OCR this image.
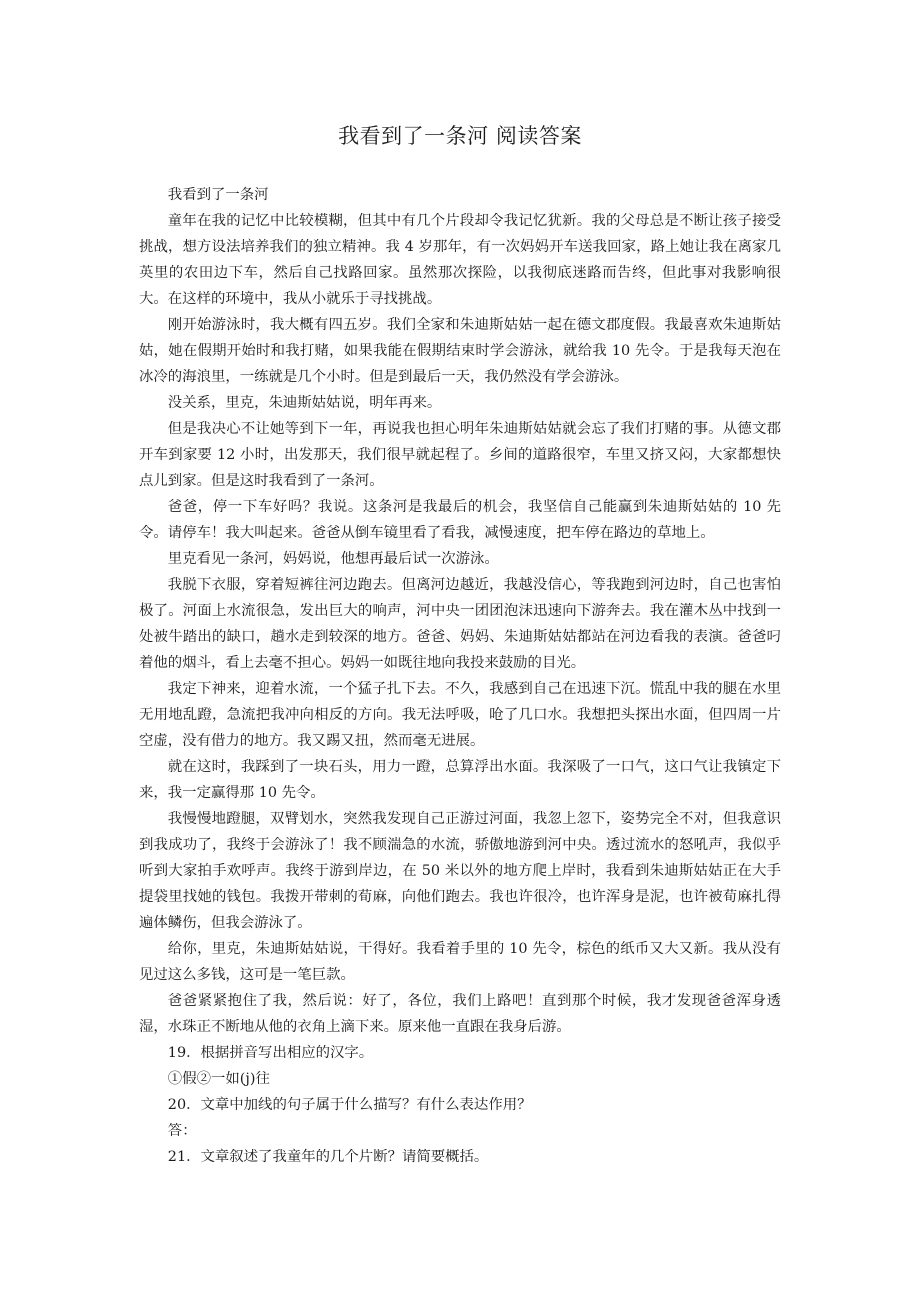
我看到了一条河 阅读答案

我看到了一条河

童年在我的记忆中比较模糊，但其中有几个片段却令我记忆犹新。我的父母总是不断让孩子接受挑战，想方设法培养我们的独立精神。我 4 岁那年，有一次妈妈开车送我回家，路上她让我在离家几英里的农田边下车，然后自己找路回家。虽然那次探险，以我彻底迷路而告终，但此事对我影响很大。在这样的环境中，我从小就乐于寻找挑战。

刚开始游泳时，我大概有四五岁。我们全家和朱迪斯姑姑一起在德文郡度假。我最喜欢朱迪斯姑姑，她在假期开始时和我打赌，如果我能在假期结束时学会游泳，就给我 10 先令。于是我每天泡在冰冷的海浪里，一练就是几个小时。但是到最后一天，我仍然没有学会游泳。

没关系，里克，朱迪斯姑姑说，明年再来。

但是我决心不让她等到下一年，再说我也担心明年朱迪斯姑姑就会忘了我们打赌的事。从德文郡开车到家要 12 小时，出发那天，我们很早就起程了。乡间的道路很窄，车里又挤又闷，大家都想快点儿到家。但是这时我看到了一条河。

爸爸，停一下车好吗？我说。这条河是我最后的机会，我坚信自己能赢到朱迪斯姑姑的 10 先令。请停车！我大叫起来。爸爸从倒车镜里看了看我，减慢速度，把车停在路边的草地上。

里克看见一条河，妈妈说，他想再最后试一次游泳。

我脱下衣服，穿着短裤往河边跑去。但离河边越近，我越没信心，等我跑到河边时，自己也害怕极了。河面上水流很急，发出巨大的响声，河中央一团团泡沫迅速向下游奔去。我在灌木丛中找到一处被牛踏出的缺口，趟水走到较深的地方。爸爸、妈妈、朱迪斯姑姑都站在河边看我的表演。爸爸叼着他的烟斗，看上去毫不担心。妈妈一如既往地向我投来鼓励的目光。

我定下神来，迎着水流，一个猛子扎下去。不久，我感到自己在迅速下沉。慌乱中我的腿在水里无用地乱蹬，急流把我冲向相反的方向。我无法呼吸，呛了几口水。我想把头探出水面，但四周一片空虚，没有借力的地方。我又踢又扭，然而毫无进展。

就在这时，我踩到了一块石头，用力一蹬，总算浮出水面。我深吸了一口气，这口气让我镇定下来，我一定赢得那 10 先令。

我慢慢地蹬腿，双臂划水，突然我发现自己正游过河面，我忽上忽下，姿势完全不对，但我意识到我成功了，我终于会游泳了！我不顾湍急的水流，骄傲地游到河中央。透过流水的怒吼声，我似乎听到大家拍手欢呼声。我终于游到岸边，在 50 米以外的地方爬上岸时，我看到朱迪斯姑姑正在大手提袋里找她的钱包。我拨开带刺的荀麻，向他们跑去。我也许很冷，也许浑身是泥，也许被荀麻扎得遍体鳞伤，但我会游泳了。

给你，里克，朱迪斯姑姑说，干得好。我看着手里的 10 先令，棕色的纸币又大又新。我从没有见过这么多钱，这可是一笔巨款。

爸爸紧紧抱住了我，然后说：好了，各位，我们上路吧！直到那个时候，我才发现爸爸浑身透湿，水珠正不断地从他的衣角上滴下来。原来他一直跟在我身后游。

19．根据拼音写出相应的汉字。

①假②一如(j)往

20．文章中加线的句子属于什么描写？有什么表达作用？

答：

21．文章叙述了我童年的几个片断？请简要概括。
